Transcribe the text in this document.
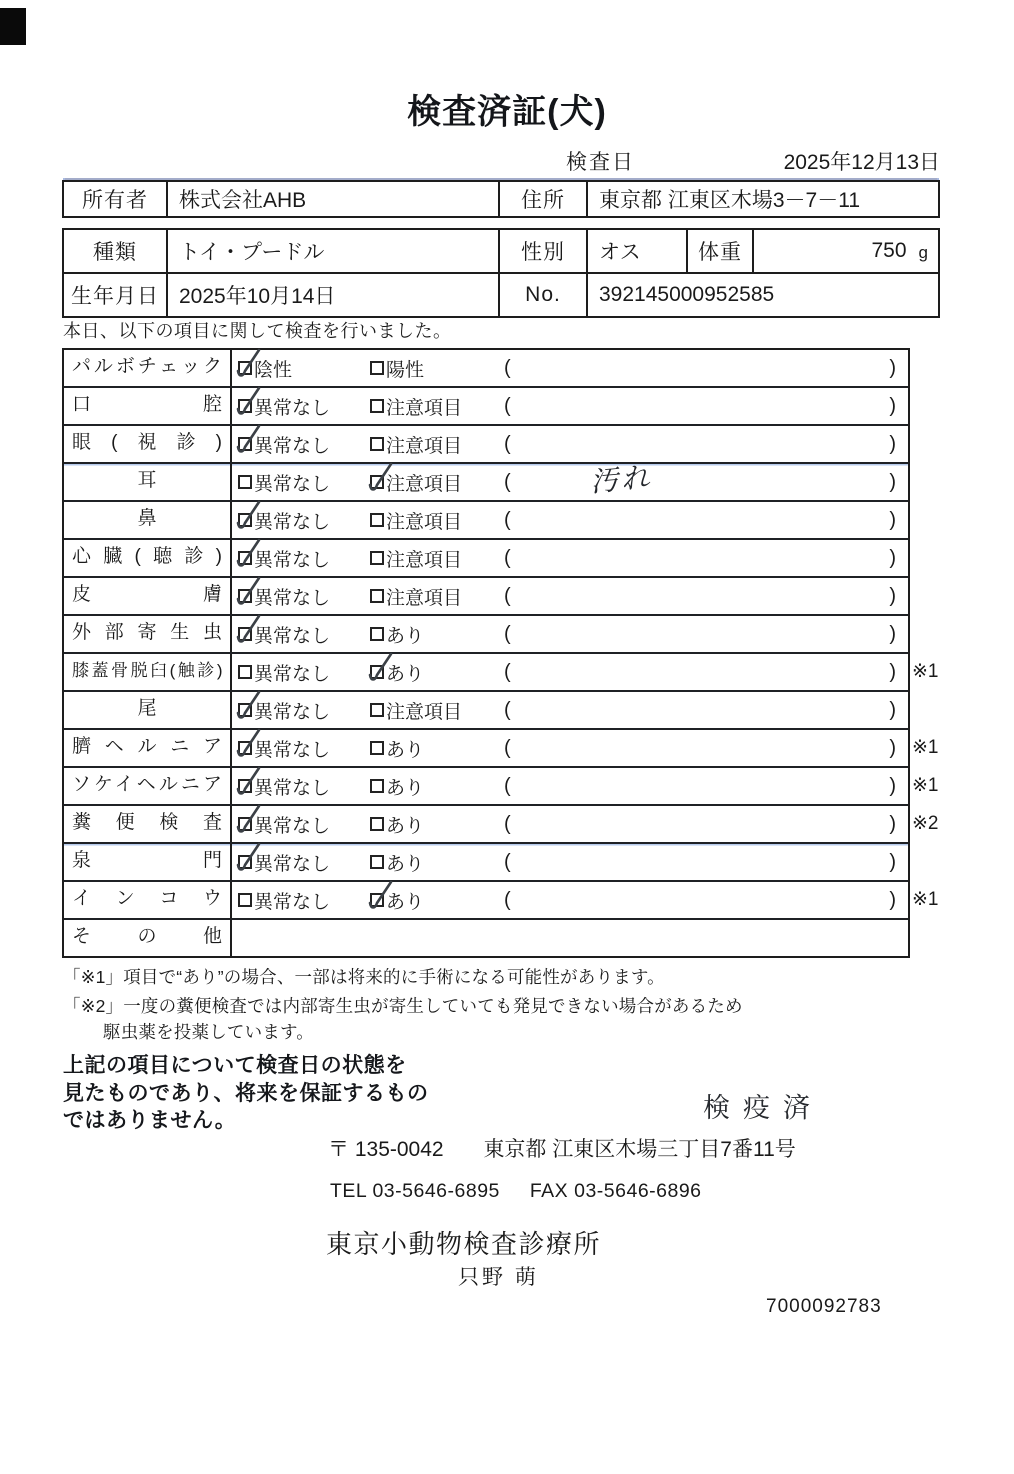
検査済証(犬)
検査日	2025年12月13日
所有者	株式会社AHB	住所	東京都 江東区木場3－7－11
種類	トイ・プードル	性別	オス	体重	750 g
生年月日 2025年10月14日	No.	392145000952585
本日、以下の項目に関して検査を行いました。
パルボチェック 陰性	陽性	(	)
口腔 異常なし	注意項目 (	)
眼(視診) 異常なし	注意項目 (	)
耳	異常なし	注意項目 (	汚れ	)
鼻	異常なし	注意項目 (	)
心臓(聴診) 異常なし	注意項目 (	)
皮膚 異常なし	注意項目 (	)
外部寄生虫 異常なし	あり	(	)
膝蓋骨脱臼(触診) 異常なし	あり	(	) ※1
尾	異常なし	注意項目 (	)
臍ヘルニア 異常なし	あり	(	) ※1
ソケイヘルニア 異常なし	あり	(	) ※1
糞便検査 異常なし	あり	(	) ※2
泉門 異常なし	あり	(	)
インコウ 異常なし	あり	(	) ※1
その他
「※1」項目で“あり”の場合、一部は将来的に手術になる可能性があります。
「※2」一度の糞便検査では内部寄生虫が寄生していても発見できない場合があるため
駆虫薬を投薬しています。
上記の項目について検査日の状態を
見たものであり、将来を保証するもの
ではありません。	検疫済
〒 135-0042 東京都 江東区木場三丁目7番11号
TEL 03-5646-6895 FAX 03-5646-6896
東京小動物検査診療所
只野 萌
7000092783
